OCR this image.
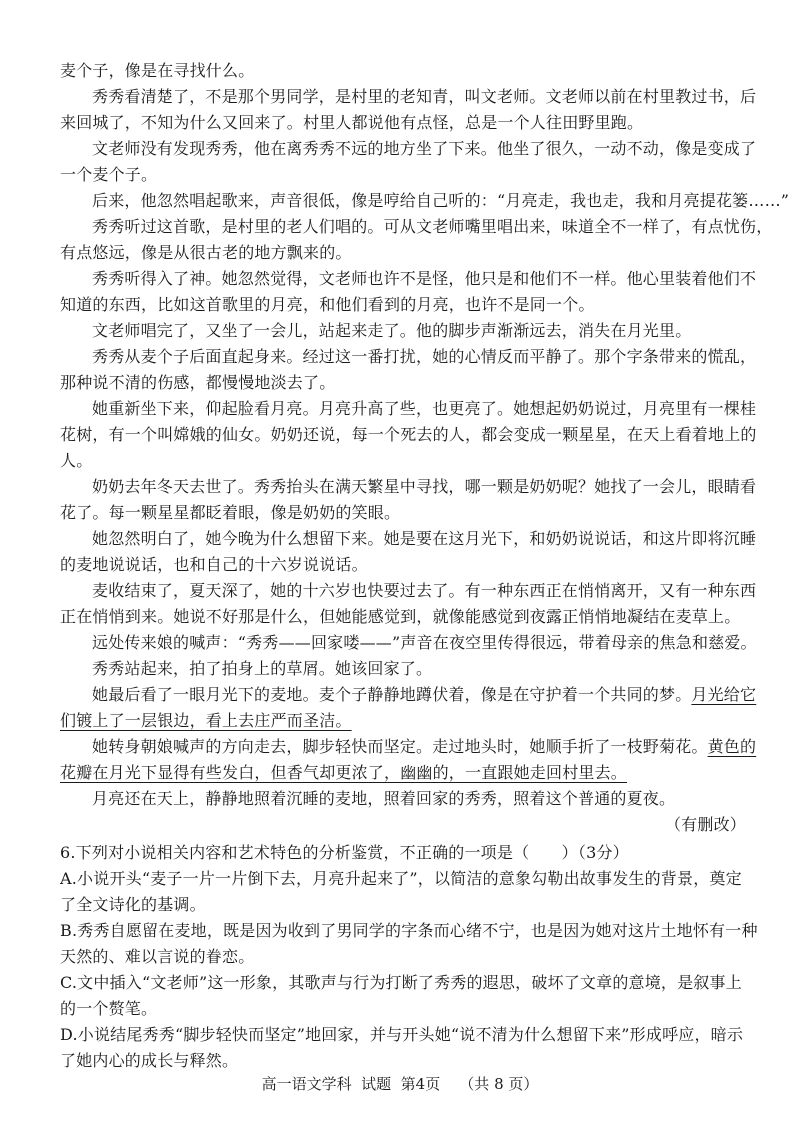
麦个子，像是在寻找什么。
秀秀看清楚了，不是那个男同学，是村里的老知青，叫文老师。文老师以前在村里教过书，后
来回城了，不知为什么又回来了。村里人都说他有点怪，总是一个人往田野里跑。
文老师没有发现秀秀，他在离秀秀不远的地方坐了下来。他坐了很久，一动不动，像是变成了
一个麦个子。
后来，他忽然唱起歌来，声音很低，像是哼给自己听的：“月亮走，我也走，我和月亮提花篓……”
秀秀听过这首歌，是村里的老人们唱的。可从文老师嘴里唱出来，味道全不一样了，有点忧伤，
有点悠远，像是从很古老的地方飘来的。
秀秀听得入了神。她忽然觉得，文老师也许不是怪，他只是和他们不一样。他心里装着他们不
知道的东西，比如这首歌里的月亮，和他们看到的月亮，也许不是同一个。
文老师唱完了，又坐了一会儿，站起来走了。他的脚步声渐渐远去，消失在月光里。
秀秀从麦个子后面直起身来。经过这一番打扰，她的心情反而平静了。那个字条带来的慌乱，
那种说不清的伤感，都慢慢地淡去了。
她重新坐下来，仰起脸看月亮。月亮升高了些，也更亮了。她想起奶奶说过，月亮里有一棵桂
花树，有一个叫嫦娥的仙女。奶奶还说，每一个死去的人，都会变成一颗星星，在天上看着地上的
人。
奶奶去年冬天去世了。秀秀抬头在满天繁星中寻找，哪一颗是奶奶呢？她找了一会儿，眼睛看
花了。每一颗星星都眨着眼，像是奶奶的笑眼。
她忽然明白了，她今晚为什么想留下来。她是要在这月光下，和奶奶说说话，和这片即将沉睡
的麦地说说话，也和自己的十六岁说说话。
麦收结束了，夏天深了，她的十六岁也快要过去了。有一种东西正在悄悄离开，又有一种东西
正在悄悄到来。她说不好那是什么，但她能感觉到，就像能感觉到夜露正悄悄地凝结在麦草上。
远处传来娘的喊声：“秀秀——回家喽——”声音在夜空里传得很远，带着母亲的焦急和慈爱。
秀秀站起来，拍了拍身上的草屑。她该回家了。
她最后看了一眼月光下的麦地。麦个子静静地蹲伏着，像是在守护着一个共同的梦。月光给它
们镀上了一层银边，看上去庄严而圣洁。
她转身朝娘喊声的方向走去，脚步轻快而坚定。走过地头时，她顺手折了一枝野菊花。黄色的
花瓣在月光下显得有些发白，但香气却更浓了，幽幽的，一直跟她走回村里去。
月亮还在天上，静静地照着沉睡的麦地，照着回家的秀秀，照着这个普通的夏夜。
（有删改）
6.下列对小说相关内容和艺术特色的分析鉴赏，不正确的一项是（　　）（3分）
A.小说开头“麦子一片一片倒下去，月亮升起来了”，以简洁的意象勾勒出故事发生的背景，奠定
了全文诗化的基调。
B.秀秀自愿留在麦地，既是因为收到了男同学的字条而心绪不宁，也是因为她对这片土地怀有一种
天然的、难以言说的眷恋。
C.文中插入“文老师”这一形象，其歌声与行为打断了秀秀的遐思，破坏了文章的意境，是叙事上
的一个赘笔。
D.小说结尾秀秀“脚步轻快而坚定”地回家，并与开头她“说不清为什么想留下来”形成呼应，暗示
了她内心的成长与释然。
高一语文学科  试题  第4页    （共 8 页）
